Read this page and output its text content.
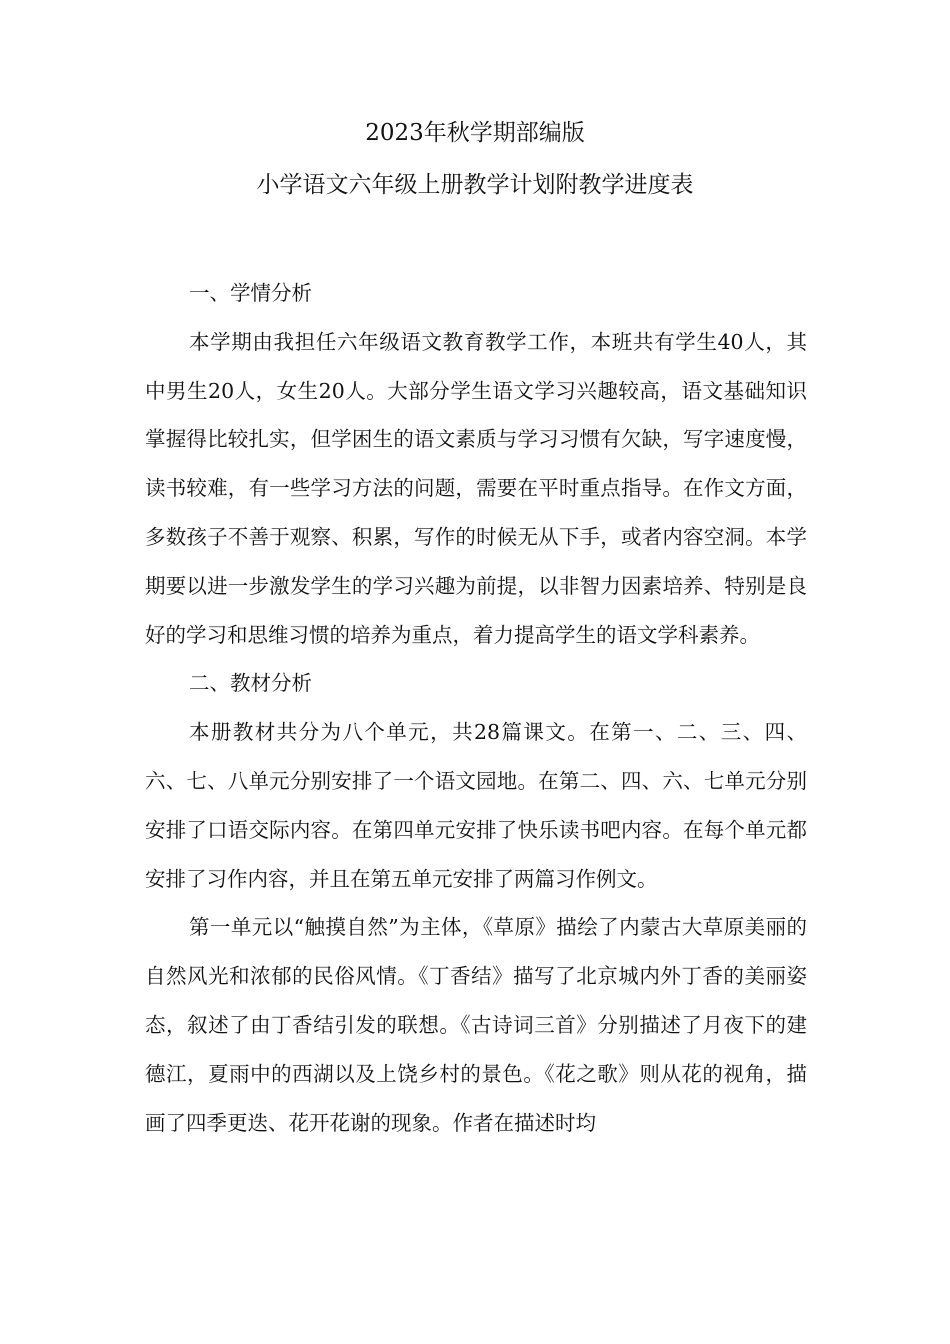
2023年秋学期部编版
小学语文六年级上册教学计划附教学进度表

一、学情分析

本学期由我担任六年级语文教育教学工作，本班共有学生40人，其中男生20人，女生20人。大部分学生语文学习兴趣较高，语文基础知识掌握得比较扎实，但学困生的语文素质与学习习惯有欠缺，写字速度慢，读书较难，有一些学习方法的问题，需要在平时重点指导。在作文方面，多数孩子不善于观察、积累，写作的时候无从下手，或者内容空洞。本学期要以进一步激发学生的学习兴趣为前提，以非智力因素培养、特别是良好的学习和思维习惯的培养为重点，着力提高学生的语文学科素养。

二、教材分析

本册教材共分为八个单元，共28篇课文。在第一、二、三、四、六、七、八单元分别安排了一个语文园地。在第二、四、六、七单元分别安排了口语交际内容。在第四单元安排了快乐读书吧内容。在每个单元都安排了习作内容，并且在第五单元安排了两篇习作例文。

第一单元以“触摸自然”为主体，《草原》描绘了内蒙古大草原美丽的自然风光和浓郁的民俗风情。《丁香结》描写了北京城内外丁香的美丽姿态，叙述了由丁香结引发的联想。《古诗词三首》分别描述了月夜下的建德江，夏雨中的西湖以及上饶乡村的景色。《花之歌》则从花的视角，描画了四季更迭、花开花谢的现象。作者在描述时均
